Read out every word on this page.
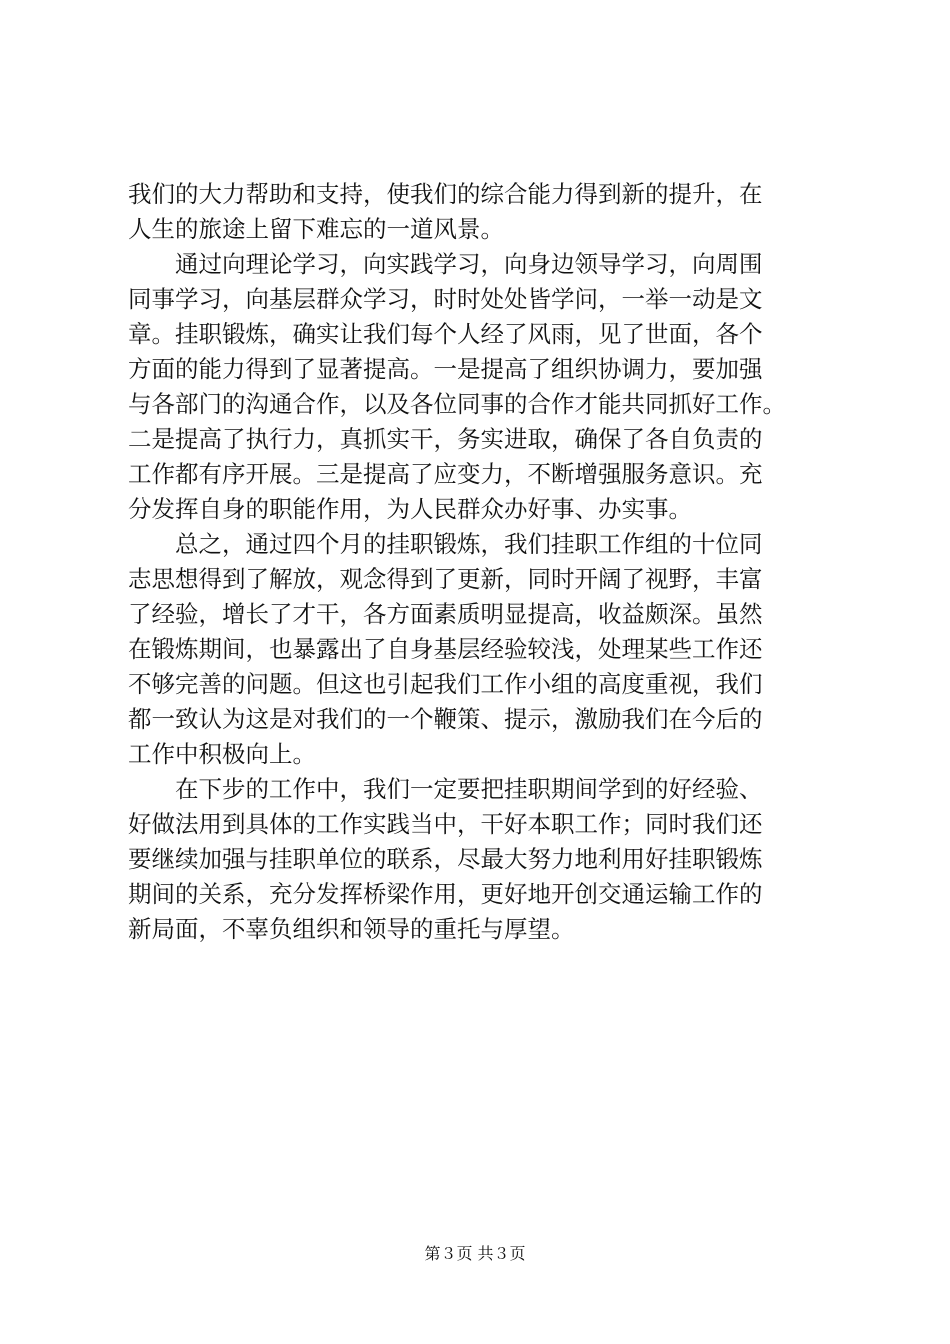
我们的大力帮助和支持，使我们的综合能力得到新的提升，在
人生的旅途上留下难忘的一道风景。
　　通过向理论学习，向实践学习，向身边领导学习，向周围
同事学习，向基层群众学习，时时处处皆学问，一举一动是文
章。挂职锻炼，确实让我们每个人经了风雨，见了世面，各个
方面的能力得到了显著提高。一是提高了组织协调力，要加强
与各部门的沟通合作，以及各位同事的合作才能共同抓好工作。
二是提高了执行力，真抓实干，务实进取，确保了各自负责的
工作都有序开展。三是提高了应变力，不断增强服务意识。充
分发挥自身的职能作用，为人民群众办好事、办实事。
　　总之，通过四个月的挂职锻炼，我们挂职工作组的十位同
志思想得到了解放，观念得到了更新，同时开阔了视野，丰富
了经验，增长了才干，各方面素质明显提高，收益颇深。虽然
在锻炼期间，也暴露出了自身基层经验较浅，处理某些工作还
不够完善的问题。但这也引起我们工作小组的高度重视，我们
都一致认为这是对我们的一个鞭策、提示，激励我们在今后的
工作中积极向上。
　　在下步的工作中，我们一定要把挂职期间学到的好经验、
好做法用到具体的工作实践当中，干好本职工作；同时我们还
要继续加强与挂职单位的联系，尽最大努力地利用好挂职锻炼
期间的关系，充分发挥桥梁作用，更好地开创交通运输工作的
新局面，不辜负组织和领导的重托与厚望。
第３页 共３页
